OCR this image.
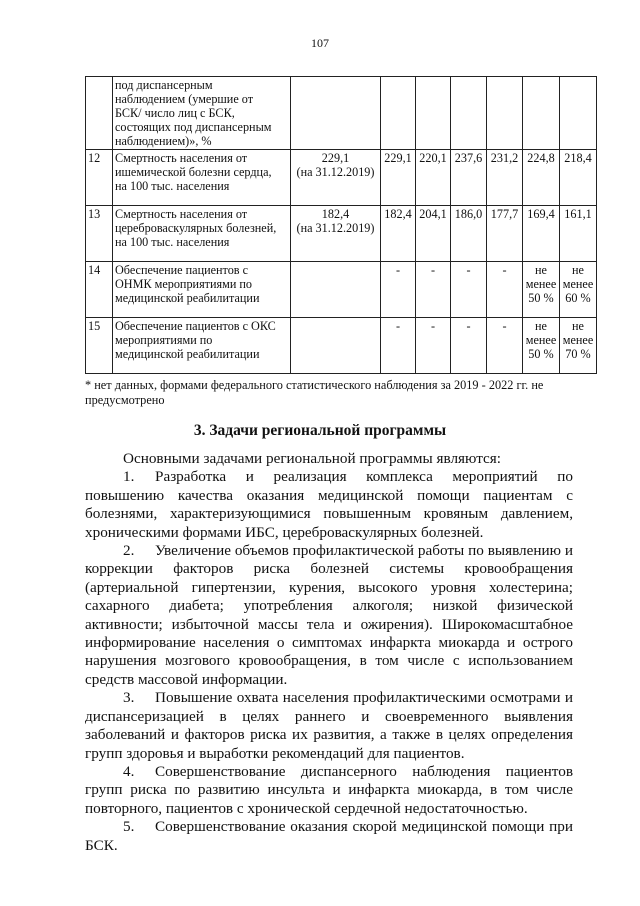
107
	под диспансерным
наблюдением (умершие от
БСК/ число лиц с БСК,
состоящих под диспансерным
наблюдением)», %							
12	Смертность населения от
ишемической болезни сердца,
на 100 тыс. населения	229,1
(на 31.12.2019)	229,1	220,1	237,6	231,2	224,8	218,4
13	Смертность населения от
цереброваскулярных болезней,
на 100 тыс. населения	182,4
(на 31.12.2019)	182,4	204,1	186,0	177,7	169,4	161,1
14	Обеспечение пациентов с
ОНМК мероприятиями по
медицинской реабилитации		-	-	-	-	не
менее
50 %	не
менее
60 %
15	Обеспечение пациентов с ОКС
мероприятиями по
медицинской реабилитации		-	-	-	-	не
менее
50 %	не
менее
70 %
* нет данных, формами федерального статистического наблюдения за 2019 - 2022 гг. не предусмотрено
3. Задачи региональной программы

Основными задачами региональной программы являются:

1. Разработка и реализация комплекса мероприятий по повышению качества оказания медицинской помощи пациентам с болезнями, характеризующимися повышенным кровяным давлением, хроническими формами ИБС, цереброваскулярных болезней.

2. Увеличение объемов профилактической работы по выявлению и коррекции факторов риска болезней системы кровообращения (артериальной гипертензии, курения, высокого уровня холестерина; сахарного диабета; употребления алкоголя; низкой физической активности; избыточной массы тела и ожирения). Широкомасштабное информирование населения о симптомах инфаркта миокарда и острого нарушения мозгового кровообращения, в том числе с использованием средств массовой информации.

3. Повышение охвата населения профилактическими осмотрами и диспансеризацией в целях раннего и своевременного выявления заболеваний и факторов риска их развития, а также в целях определения групп здоровья и выработки рекомендаций для пациентов.

4. Совершенствование диспансерного наблюдения пациентов групп риска по развитию инсульта и инфаркта миокарда, в том числе повторного, пациентов с хронической сердечной недостаточностью.

5. Совершенствование оказания скорой медицинской помощи при БСК.
